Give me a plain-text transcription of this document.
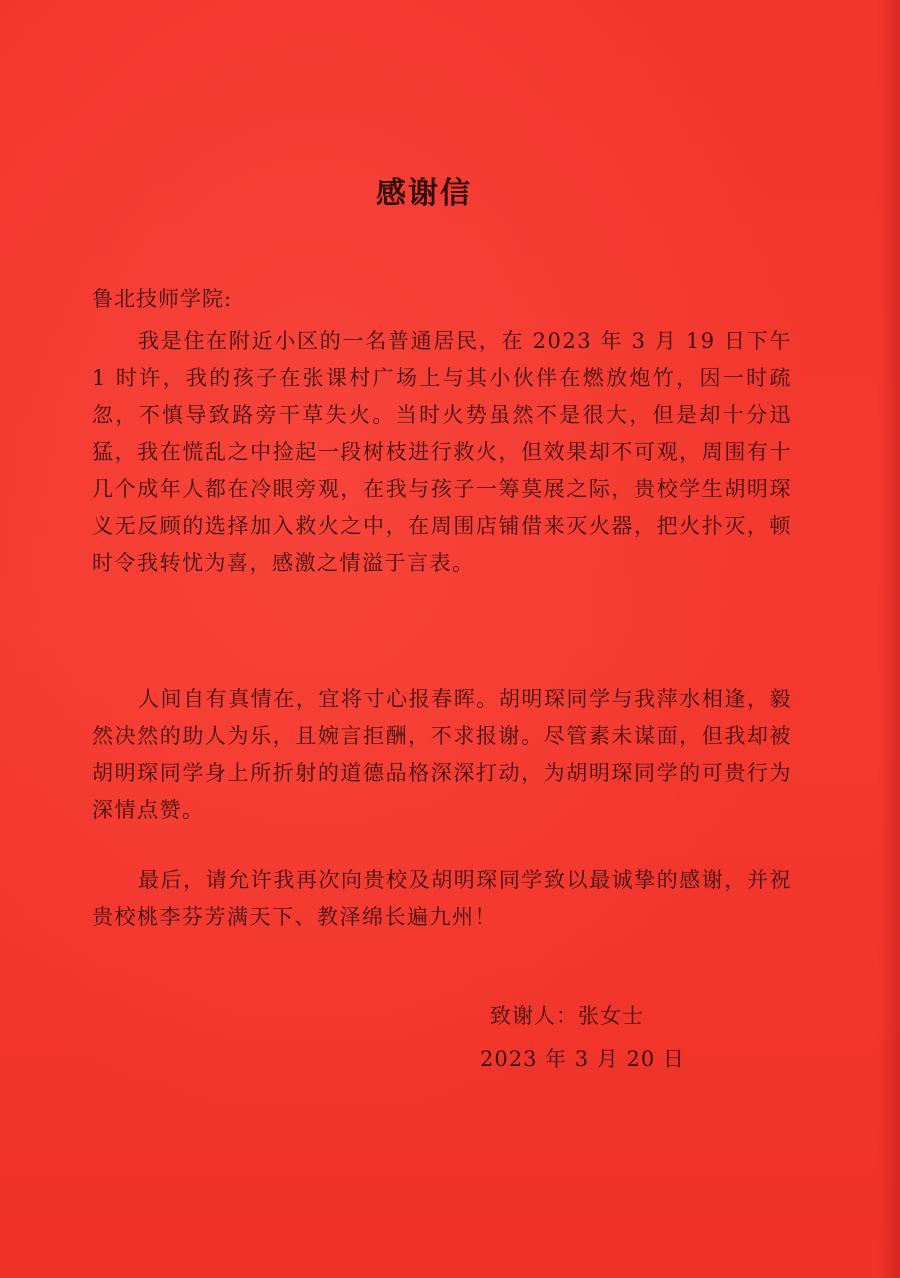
感谢信
鲁北技师学院:

我是住在附近小区的一名普通居民，在 2023 年 3 月 19 日下午 1 时许，我的孩子在张课村广场上与其小伙伴在燃放炮竹，因一时疏忽，不慎导致路旁干草失火。当时火势虽然不是很大，但是却十分迅猛，我在慌乱之中捡起一段树枝进行救火，但效果却不可观，周围有十几个成年人都在冷眼旁观，在我与孩子一筹莫展之际，贵校学生胡明琛义无反顾的选择加入救火之中，在周围店铺借来灭火器，把火扑灭，顿时令我转忧为喜，感激之情溢于言表。

人间自有真情在，宜将寸心报春晖。胡明琛同学与我萍水相逢，毅然决然的助人为乐，且婉言拒酬，不求报谢。尽管素未谋面，但我却被胡明琛同学身上所折射的道德品格深深打动，为胡明琛同学的可贵行为深情点赞。

最后，请允许我再次向贵校及胡明琛同学致以最诚挚的感谢，并祝贵校桃李芬芳满天下、教泽绵长遍九州！

致谢人：张女士
2023 年 3 月 20 日
